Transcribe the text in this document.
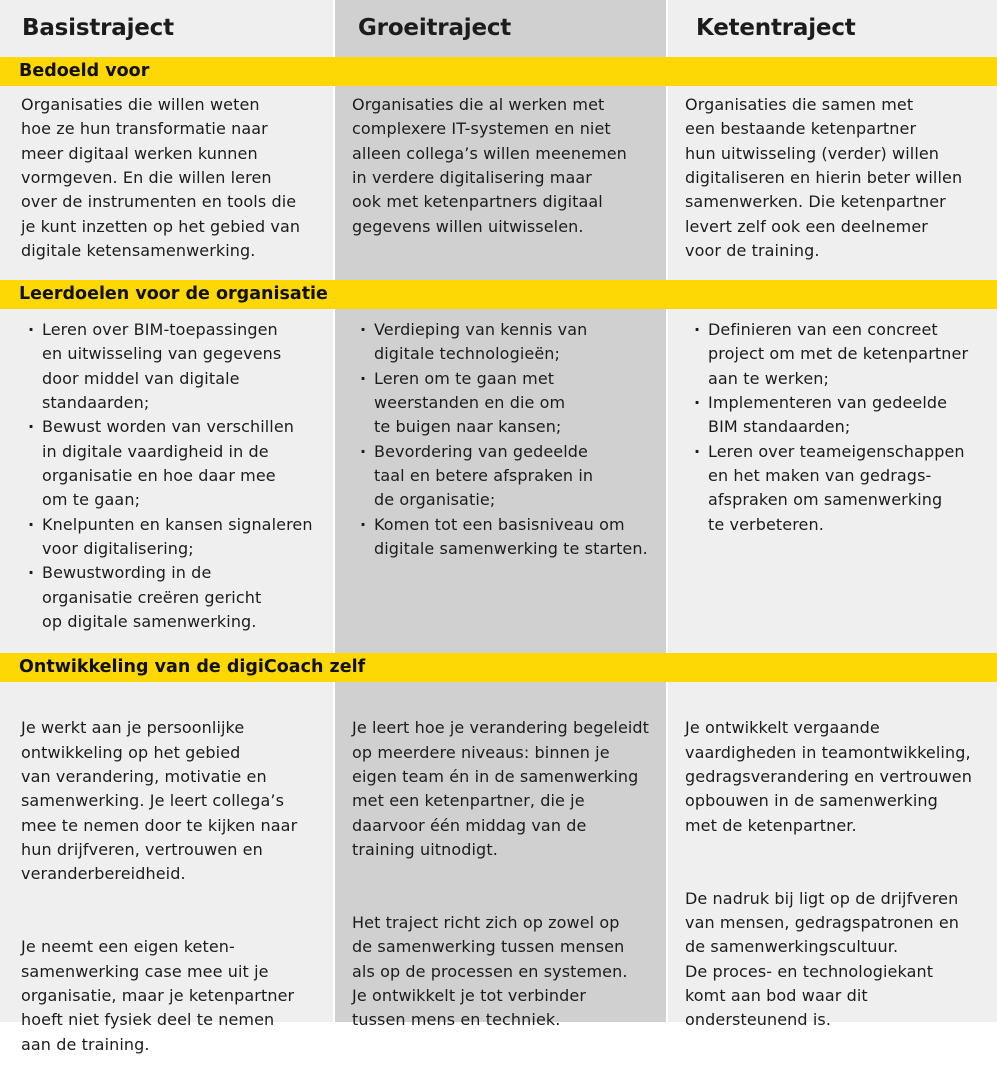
Basistraject	Groeitraject	Ketentraject
Bedoeld voor
Organisaties die willen weten
hoe ze hun transformatie naar
meer digitaal werken kunnen
vormgeven. En die willen leren
over de instrumenten en tools die
je kunt inzetten op het gebied van
digitale ketensamenwerking.
Organisaties die al werken met
complexere IT-systemen en niet
alleen collega’s willen meenemen
in verdere digitalisering maar
ook met ketenpartners digitaal
gegevens willen uitwisselen.
Organisaties die samen met
een bestaande ketenpartner
hun uitwisseling (verder) willen
digitaliseren en hierin beter willen
samenwerken. Die ketenpartner
levert zelf ook een deelnemer
voor de training.
Leerdoelen voor de organisatie
· Leren over BIM-toepassingen
en uitwisseling van gegevens
door middel van digitale
standaarden;
· Bewust worden van verschillen
in digitale vaardigheid in de
organisatie en hoe daar mee
om te gaan;
· Knelpunten en kansen signaleren
voor digitalisering;
· Bewustwording in de
organisatie creëren gericht
op digitale samenwerking.
· Verdieping van kennis van
digitale technologieën;
· Leren om te gaan met
weerstanden en die om
te buigen naar kansen;
· Bevordering van gedeelde
taal en betere afspraken in
de organisatie;
· Komen tot een basisniveau om
digitale samenwerking te starten.
· Definieren van een concreet
project om met de ketenpartner
aan te werken;
· Implementeren van gedeelde
BIM standaarden;
· Leren over teameigenschappen
en het maken van gedrags-
afspraken om samenwerking
te verbeteren.
Ontwikkeling van de digiCoach zelf

Je werkt aan je persoonlijke
ontwikkeling op het gebied
van verandering, motivatie en
samenwerking. Je leert collega’s
mee te nemen door te kijken naar
hun drijfveren, vertrouwen en
veranderbereidheid.

Je neemt een eigen keten-
samenwerking case mee uit je
organisatie, maar je ketenpartner
hoeft niet fysiek deel te nemen
aan de training.

Je leert hoe je verandering begeleidt
op meerdere niveaus: binnen je
eigen team én in de samenwerking
met een ketenpartner, die je
daarvoor één middag van de
training uitnodigt.

Het traject richt zich op zowel op
de samenwerking tussen mensen
als op de processen en systemen.
Je ontwikkelt je tot verbinder
tussen mens en techniek.

Je ontwikkelt vergaande
vaardigheden in teamontwikkeling,
gedragsverandering en vertrouwen
opbouwen in de samenwerking
met de ketenpartner.

De nadruk bij ligt op de drijfveren
van mensen, gedragspatronen en
de samenwerkingscultuur.
De proces- en technologiekant
komt aan bod waar dit
ondersteunend is.
